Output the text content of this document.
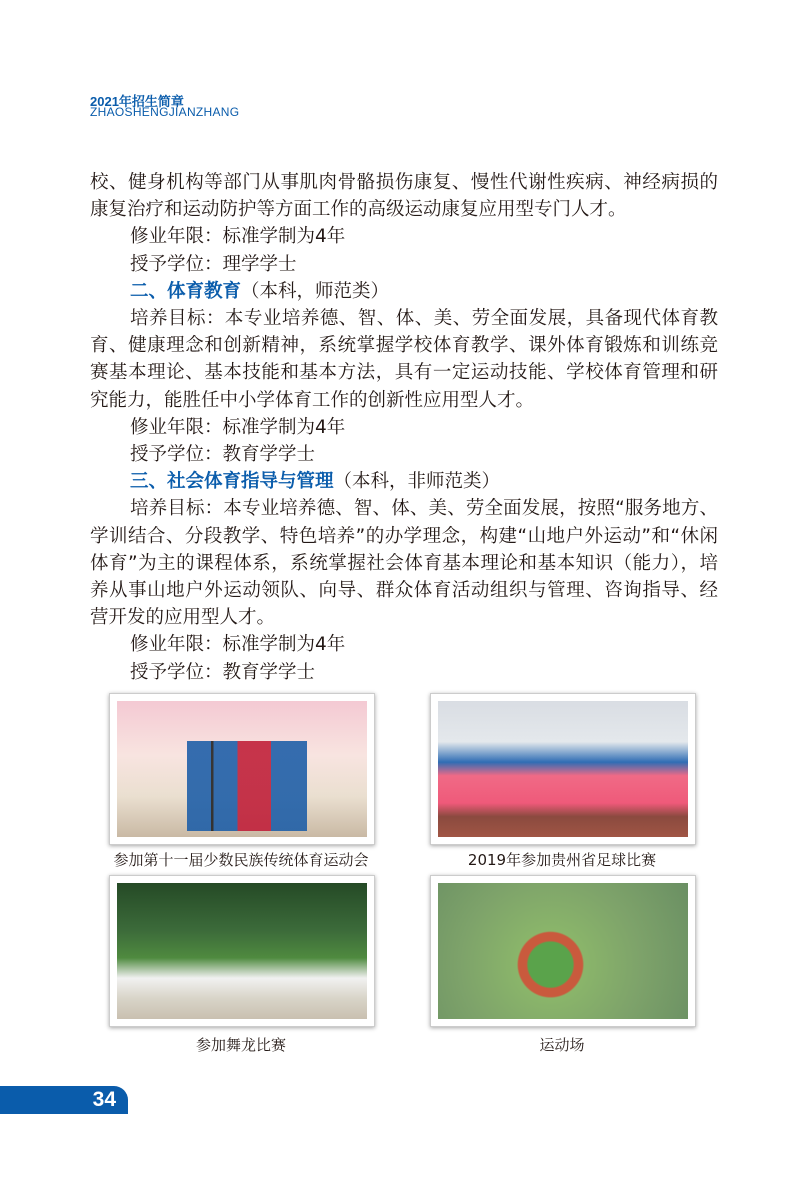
2021年招生简章
ZHAOSHENGJIANZHANG

校、健身机构等部门从事肌肉骨骼损伤康复、慢性代谢性疾病、神经病损的康复治疗和运动防护等方面工作的高级运动康复应用型专门人才。

修业年限：标准学制为4年

授予学位：理学学士

二、体育教育（本科，师范类）

培养目标：本专业培养德、智、体、美、劳全面发展，具备现代体育教育、健康理念和创新精神，系统掌握学校体育教学、课外体育锻炼和训练竞赛基本理论、基本技能和基本方法，具有一定运动技能、学校体育管理和研究能力，能胜任中小学体育工作的创新性应用型人才。

修业年限：标准学制为4年

授予学位：教育学学士

三、社会体育指导与管理（本科，非师范类）

培养目标：本专业培养德、智、体、美、劳全面发展，按照“服务地方、学训结合、分段教学、特色培养”的办学理念，构建“山地户外运动”和“休闲体育”为主的课程体系，系统掌握社会体育基本理论和基本知识（能力），培养从事山地户外运动领队、向导、群众体育活动组织与管理、咨询指导、经营开发的应用型人才。

修业年限：标准学制为4年

授予学位：教育学学士

参加第十一届少数民族传统体育运动会	2019年参加贵州省足球比赛
参加舞龙比赛	运动场
34
